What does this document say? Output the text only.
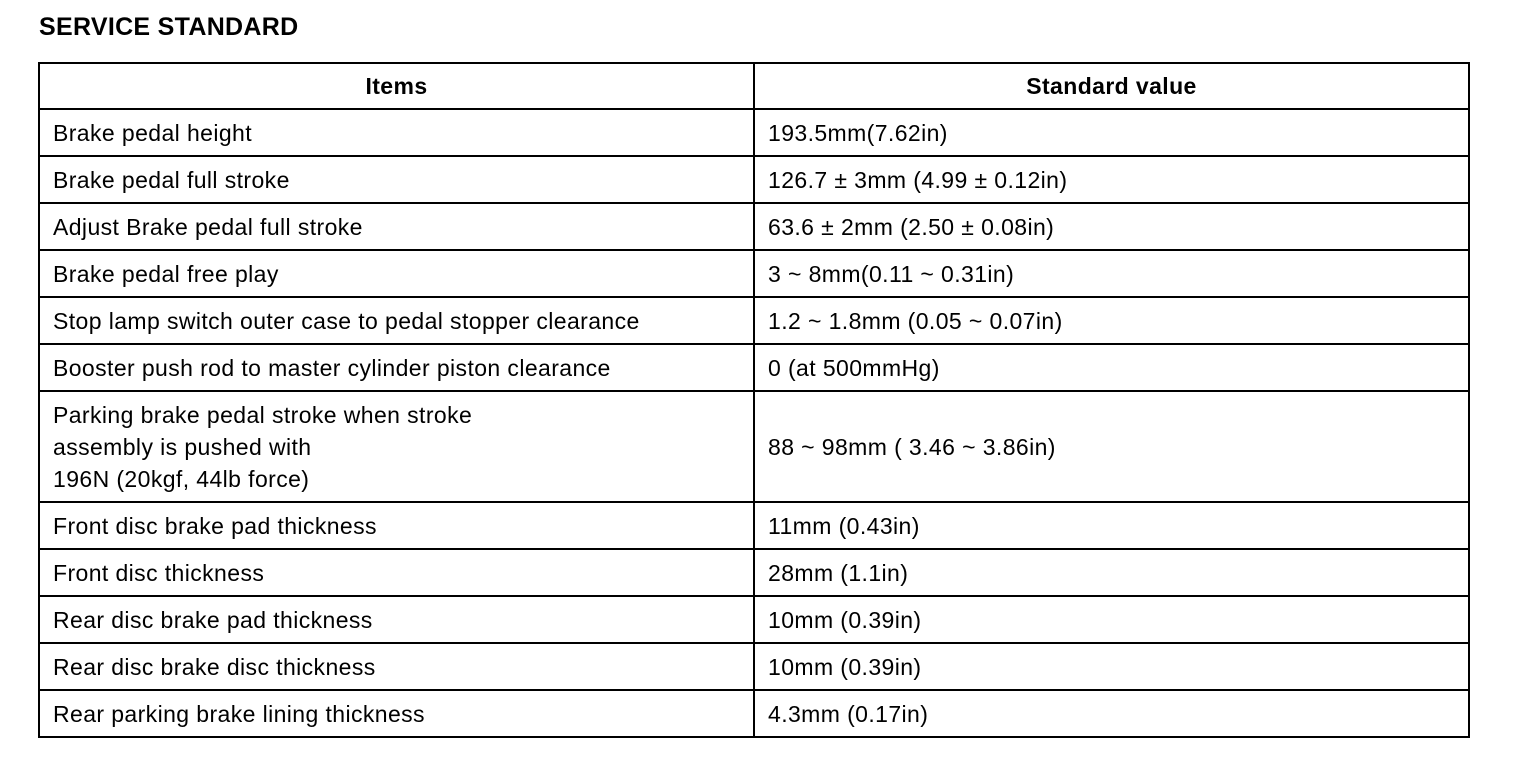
SERVICE STANDARD
Items	Standard value
Brake pedal height	193.5mm(7.62in)
Brake pedal full stroke	126.7 ± 3mm (4.99 ± 0.12in)
Adjust Brake pedal full stroke	63.6 ± 2mm (2.50 ± 0.08in)
Brake pedal free play	3 ~ 8mm(0.11 ~ 0.31in)
Stop lamp switch outer case to pedal stopper clearance	1.2 ~ 1.8mm (0.05 ~ 0.07in)
Booster push rod to master cylinder piston clearance	0 (at 500mmHg)
Parking brake pedal stroke when stroke
assembly is pushed with
196N (20kgf, 44lb force)	88 ~ 98mm ( 3.46 ~ 3.86in)
Front disc brake pad thickness	11mm (0.43in)
Front disc thickness	28mm (1.1in)
Rear disc brake pad thickness	10mm (0.39in)
Rear disc brake disc thickness	10mm (0.39in)
Rear parking brake lining thickness	4.3mm (0.17in)
